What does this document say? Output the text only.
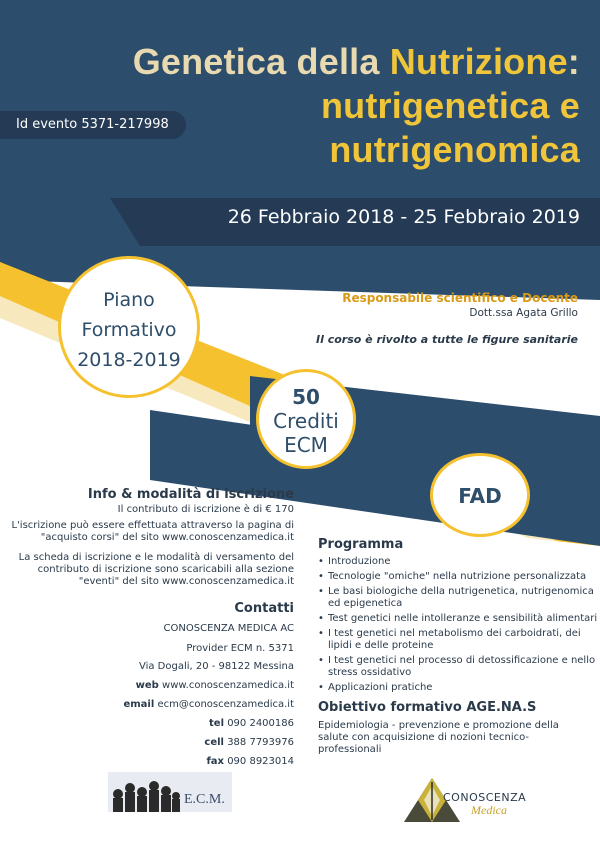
Genetica della Nutrizione:
nutrigenetica e
nutrigenomica
Id evento 5371-217998
26 Febbraio 2018 - 25 Febbraio 2019
Piano
Formativo
2018-2019
50
Crediti
ECM
FAD
Responsabile scientifico e Docente
Dott.ssa Agata Grillo
Il corso è rivolto a tutte le figure sanitarie
Info & modalità di iscrizione
Il contributo di iscrizione è di € 170
L'iscrizione può essere effettuata attraverso la pagina di
"acquisto corsi" del sito www.conoscenzamedica.it
La scheda di iscrizione e le modalità di versamento del
contributo di iscrizione sono scaricabili alla sezione
"eventi" del sito www.conoscenzamedica.it
Contatti
CONOSCENZA MEDICA AC
Provider ECM n. 5371
Via Dogali, 20 - 98122 Messina
web www.conoscenzamedica.it
email ecm@conoscenzamedica.it
tel 090 2400186
cell 388 7793976
fax 090 8923014
Programma
• Introduzione
• Tecnologie "omiche" nella nutrizione personalizzata
• Le basi biologiche della nutrigenetica, nutrigenomica ed epigenetica
• Test genetici nelle intolleranze e sensibilità alimentari
• I test genetici nel metabolismo dei carboidrati, dei lipidi e delle proteine
• I test genetici nel processo di detossificazione e nello stress ossidativo
• Applicazioni pratiche
Obiettivo formativo AGE.NA.S
Epidemiologia - prevenzione e promozione della salute con acquisizione di nozioni tecnico-professionali
E.C.M.	CONOSCENZA
Medica
